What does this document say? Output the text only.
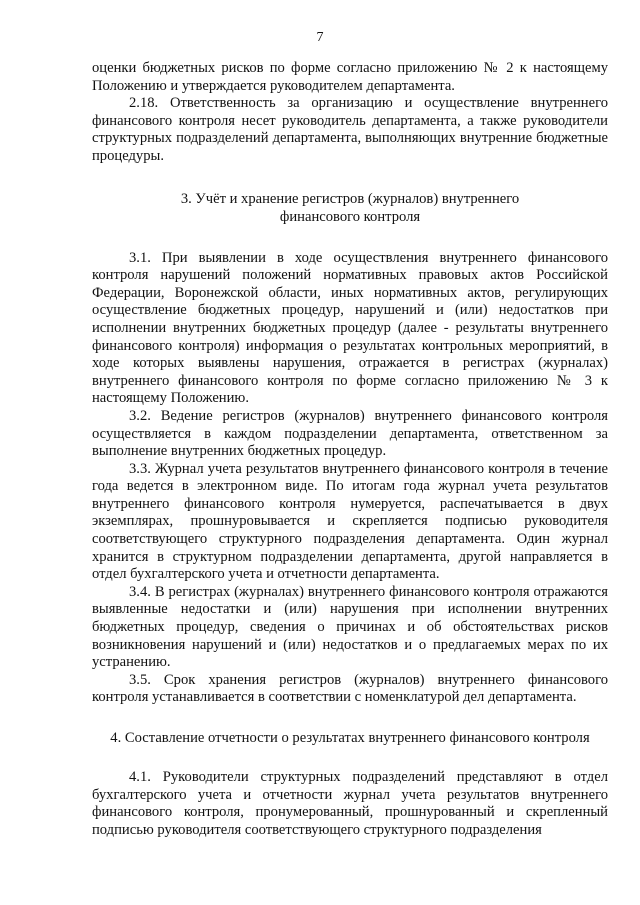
7

оценки бюджетных рисков по форме согласно приложению № 2 к настоящему Положению и утверждается руководителем департамента.

2.18. Ответственность за организацию и осуществление внутреннего финансового контроля несет руководитель департамента, а также руководители структурных подразделений департамента, выполняющих внутренние бюджетные процедуры.

3. Учёт и хранение регистров (журналов) внутреннего
финансового контроля

3.1. При выявлении в ходе осуществления внутреннего финансового контроля нарушений положений нормативных правовых актов Российской Федерации, Воронежской области, иных нормативных актов, регулирующих осуществление бюджетных процедур, нарушений и (или) недостатков при исполнении внутренних бюджетных процедур (далее - результаты внутреннего финансового контроля) информация о результатах контрольных мероприятий, в ходе которых выявлены нарушения, отражается в регистрах (журналах) внутреннего финансового контроля по форме согласно приложению № 3 к настоящему Положению.

3.2. Ведение регистров (журналов) внутреннего финансового контроля осуществляется в каждом подразделении департамента, ответственном за выполнение внутренних бюджетных процедур.

3.3. Журнал учета результатов внутреннего финансового контроля в течение года ведется в электронном виде. По итогам года журнал учета результатов внутреннего финансового контроля нумеруется, распечатывается в двух экземплярах, прошнуровывается и скрепляется подписью руководителя соответствующего структурного подразделения департамента. Один журнал хранится в структурном подразделении департамента, другой направляется в отдел бухгалтерского учета и отчетности департамента.

3.4. В регистрах (журналах) внутреннего финансового контроля отражаются выявленные недостатки и (или) нарушения при исполнении внутренних бюджетных процедур, сведения о причинах и об обстоятельствах рисков возникновения нарушений и (или) недостатков и о предлагаемых мерах по их устранению.

3.5. Срок хранения регистров (журналов) внутреннего финансового контроля устанавливается в соответствии с номенклатурой дел департамента.

4. Составление отчетности о результатах внутреннего финансового контроля

4.1. Руководители структурных подразделений представляют в отдел бухгалтерского учета и отчетности журнал учета результатов внутреннего финансового контроля, пронумерованный, прошнурованный и скрепленный подписью руководителя соответствующего структурного подразделения
